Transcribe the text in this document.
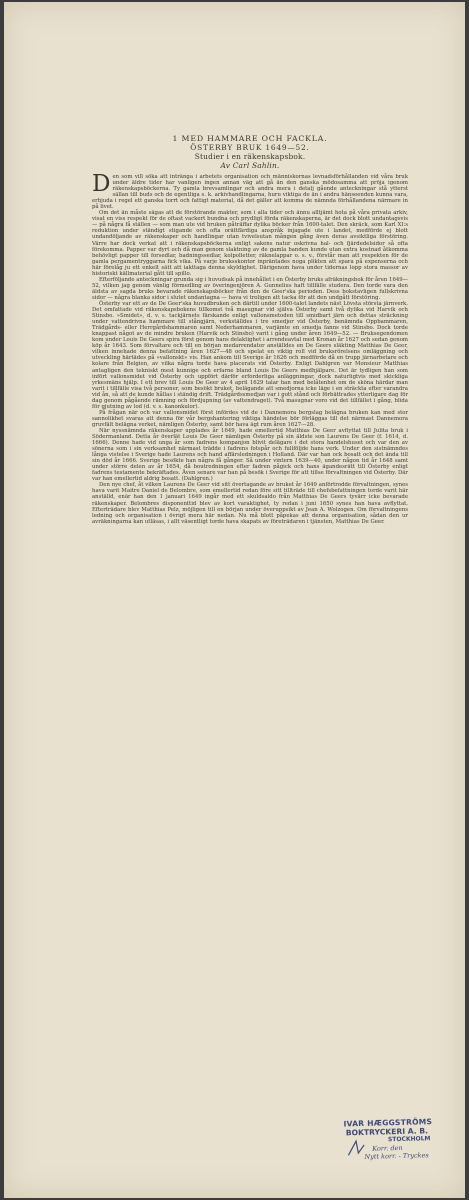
1 MED HAMMARE OCH FACKLA.
ÖSTERBY BRUK 1649—52.
Studier i en räkenskapsbok.
Av Carl Sahlin.

Den som vill söka att intränga i arbetets organisation och människornas levnadsförhållanden vid våra bruk under äldre tider har vanligen ingen annan väg att gå än den ganska mödosamma att pröja igenom räkenskapsböckerna. Ty gamla brevsamlingar och andra mera i detalj gående anteckningar stå ytterst sällan till buds och de egentliga s. k. arkivhandlingarna, huru viktiga de än i andra hänseenden kunna vara, erbjuda i regel ett ganska torrt och fattigt material, då det gäller att komma de nämnda förhållandena närmare in på livet.

Om det än måste sägas att de förstörande makter, som i alla tider och ännu alltjämt hota på våra privata arkiv, visat en viss respekt för de oftast vackert bundna och prydligt förda räkenskaperna, är det dock blott undantagsvis — på några få ställen — som man ute vid bruken påträffar dylika böcker från 1600-talet. Den skräck, som Karl XI:s reduktion under ständigt stigande och ofta orättfärdiga anspråk injagade ute i landet, medförde ej blott undandöljande av räkenskaper och handlingar utan tvivelsutan mången gång även deras avsiktliga förstöring. Värre har dock verkat att i räkenskapsböckerna enligt sakens natur oskrivna hal- och fjärdedelsidor så ofta förekomma. Papper var dyrt och då man genom slaktning av de gamla banden kunde utan extra kostnad åtkomma behövligt papper till forsedlar, badningssedlar, kolpolletter, räknelappar o. s. v., förstår man att respekten för de gamla pergamentryggarna fick vika. På varje bruksskontor inpräntades noga plikten att spara på expenserna och här förelåg ju ett enkelt sätt att iakttaga denna skyldighet. Därigenom hava under tidernas lopp stora massor av historiskt källmaterial gått till spillo.

Efterföljande anteckningar grunda sig i huvudsak på innehållet i en Österby bruks afräkningsbok för åren 1649—52, vilken jag genom vänlig förmedling av överingenjören A. Gunnelius haft tillfälle studera. Den torde vara den äldsta av sagda bruks bevarade räkenskapsböcker från den de Geer'ska perioden. Dess bokstavligen fullskrivna sidor — några blanka sidor i slutet undantagna — hava vi troligen att tacka för att den undgått förstöring.

Österby var ett av de De Geer'ska huvudbruken och därtill under 1600-talet landets näst Lövsta största järnverk. Det omfattade vid räkenskapsbokens tillkomst två masugnar vid själva Österby samt två dylika vid Harvik och Stinsbo. »Smidet», d. v. s. tackjärnets färskande enligt vallonsmetoden till smidbart järn och dettas sträckning under vattendrivna hammare till stångjärn, verkställdes i tre smedjor vid Österby, benämnda Oppbammaren, Trädgårds- eller Herrgårdshammaren samt Nederhammaren, varjämte en smedja fanns vid Stinsbo. Dock torde knappast något av de mindre bruken (Harvik och Stinsbo) varit i gång under åren 1649—52. — Bruksegendomen kom under Louis De Geers spira först genom hans delaktighet i arrendeavtal med Kronan år 1627 och sedan genom köp år 1643. Som förvaltare och till en början medarrendator anställdes en De Geers släkting Matthias De Geer, vilken innehade denna befattning åren 1627—48 och spelat en viktig roll vid bruksrörelsens omläggning och utveckling härtädes på »vallonskt» vis. Han ankom till Sverige år 1626 och medförde då en trupp järnarbetare och kolare från Belgien, av vilka några torde hava placerats vid Österby. Enligt Dahlgren var Monsieur Matthias antagligen den tekniskt mest kunnige och erfarne bland Louis De Geers medhjälpare. Det är tydligen han som infört vallonsmidet vid Österby och uppfört därför erforderliga anläggningar, dock naturligtvis med skickliga yrkesmäns hjälp. I ett brev till Louis De Geer av 4 april 1629 talar han med belåtenhet om de sköna härdar man varit i tillfälle visa två personer, som besökt bruket, belägande att smedjorna icke läge i en sträckta efter varandra vid ån, så att de kunde hållas i ständig drift. Trädgårdssmedjan var i gott stånd och förbättrades ytterligare dag för dag genom pågående rämning och fördjupning (av vattendraget). Två masugnar voro vid det tillfället i gång, blida för gjutning av lod (d. v. s. kanonkulor).

På frågan när och var vallonsmidet först infördes vid de i Dannemora bergslag belägna bruken kan med stor sannolikhet svaras att denna för vår bergshantering viktiga händelse bör förläggas till det närmast Dannemora gruvfält belägna verket, nämligen Österby, samt bör hava ägt rum åren 1627—28.

När nyssnämnda räkenskaper upplades år 1649, hade emellertid Matthias De Geer avflyttat till Julita bruk i Södermanland. Detta år överlät Louis De Geer nämligen Österby på sin äldste son Laurens De Geer (f. 1614, d. 1666). Denne hade vid unga år som fadrens kompanjon blivit delägare i det stora handelshuset och var den av sönerna som i sin verksamhet närmast trädde i fadrens fotspår och fullföljde hans verk. Under den sistnämndes långa vistelse i Sverige hade Laurens och hand affärsledningen i Holland. Där var han ock bosatt och det ända till sin död år 1666. Sverige besökte han några få gånger. Så under vintern 1639—40, under någon tid år 1648 samt under större delen av år 1654, då boutredningen efter fadren pågick och hans ägandesrätt till Österby enligt fadrens testamente bekräftades. Även senare var han på besök i Sverige för att tillse förvaltningen vid Österby. Där var han emellertid aldrig bosatt. (Dahlgren.)

Den nye chef, åt vilken Laurens De Geer vid sitt övertagande av bruket år 1649 anförtrodde förvaltningen, synes hava varit Maitre Daniel de Belombre, som emellertid redan före sitt tillträde till chefsbefattningen torde varit här anställd, enär han den 1 januari 1649 ingår med ett skuldsaldo från Matthias De Geers tyvärr icke bevarade räkenskaper. Belombres disponenttid blev av kort varaktighet, ty redan i juni 1650 synes han hava avflyttat. Efterträdare blev Matthias Pelz, möjligen till en början under överuppsikt av Jean A. Wolzogen. Om förvaltningens ledning och organisation i övrigt mera här nedan. Nu må blott påpekas att denna organisation, sådan den ur avräkningarna kan utläsas, i allt väsentligt torde hava skapats av företrädaren i tjänsten, Matthias De Geer.

IVAR HÆGGSTRÖMS
BOKTRYCKERI A. B.
STOCKHOLM
Korr. den
Nytt korr. - Tryckes
